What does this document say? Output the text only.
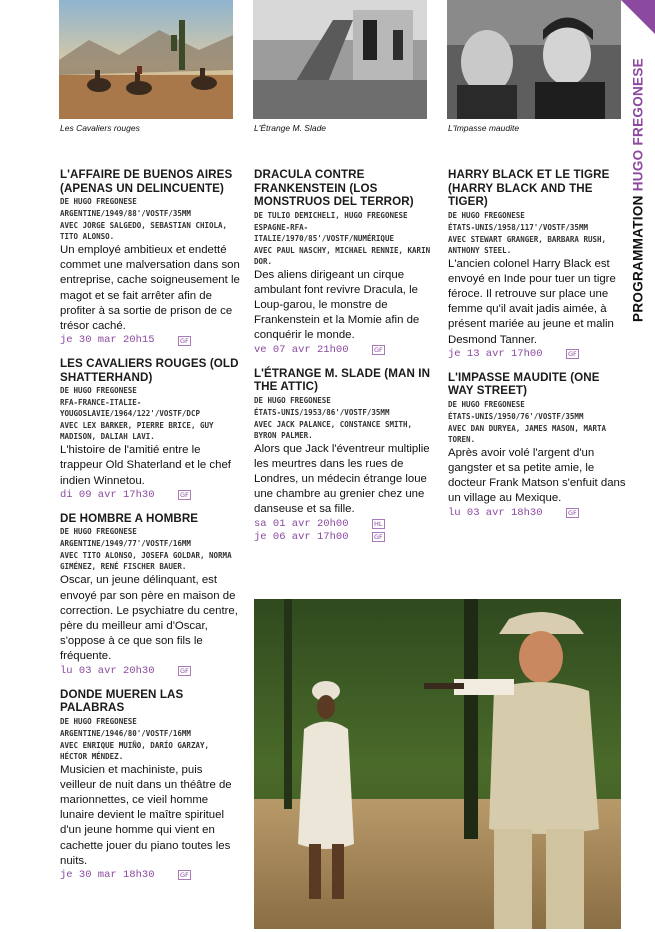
Les Cavaliers rouges	L'Étrange M. Slade	L'Impasse maudite
L'AFFAIRE DE BUENOS AIRES (APENAS UN DELINCUENTE)
DE HUGO FREGONESE
ARGENTINE/1949/88'/VOSTF/35MM
AVEC JORGE SALGEDO, SEBASTIAN CHIOLA, TITO ALONSO.
Un employé ambitieux et endetté commet une malversation dans son entreprise, cache soigneusement le magot et se fait arrêter afin de profiter à sa sortie de prison de ce trésor caché.
je 30 mar 20h15	GF
LES CAVALIERS ROUGES (OLD SHATTERHAND)
DE HUGO FREGONESE
RFA-FRANCE-ITALIE-YOUGOSLAVIE/1964/122'/VOSTF/DCP
AVEC LEX BARKER, PIERRE BRICE, GUY MADISON, DALIAH LAVI.
L'histoire de l'amitié entre le trappeur Old Shaterland et le chef indien Winnetou.
di 09 avr 17h30	GF
DE HOMBRE A HOMBRE
DE HUGO FREGONESE
ARGENTINE/1949/77'/VOSTF/16MM
AVEC TITO ALONSO, JOSEFA GOLDAR, NORMA GIMÉNEZ, RENÉ FISCHER BAUER.
Oscar, un jeune délinquant, est envoyé par son père en maison de correction. Le psychiatre du centre, père du meilleur ami d'Oscar, s'oppose à ce que son fils le fréquente.
lu 03 avr 20h30	GF
DONDE MUEREN LAS PALABRAS
DE HUGO FREGONESE
ARGENTINE/1946/80'/VOSTF/16MM
AVEC ENRIQUE MUIÑO, DARÍO GARZAY, HÉCTOR MÉNDEZ.
Musicien et machiniste, puis veilleur de nuit dans un théâtre de marionnettes, ce vieil homme lunaire devient le maître spirituel d'un jeune homme qui vient en cachette jouer du piano toutes les nuits.
je 30 mar 18h30	GF
DRACULA CONTRE FRANKENSTEIN (LOS MONSTRUOS DEL TERROR)
DE TULIO DEMICHELI, HUGO FREGONESE
ESPAGNE-RFA-ITALIE/1970/85'/VOSTF/NUMÉRIQUE
AVEC PAUL NASCHY, MICHAEL RENNIE, KARIN DOR.
Des aliens dirigeant un cirque ambulant font revivre Dracula, le Loup-garou, le monstre de Frankenstein et la Momie afin de conquérir le monde.
ve 07 avr 21h00	GF
L'ÉTRANGE M. SLADE (MAN IN THE ATTIC)
DE HUGO FREGONESE
ÉTATS-UNIS/1953/86'/VOSTF/35MM
AVEC JACK PALANCE, CONSTANCE SMITH, BYRON PALMER.
Alors que Jack l'éventreur multiplie les meurtres dans les rues de Londres, un médecin étrange loue une chambre au grenier chez une danseuse et sa fille.
sa 01 avr 20h00	HL
je 06 avr 17h00	GF
HARRY BLACK ET LE TIGRE (HARRY BLACK AND THE TIGER)
DE HUGO FREGONESE
ÉTATS-UNIS/1958/117'/VOSTF/35MM
AVEC STEWART GRANGER, BARBARA RUSH, ANTHONY STEEL.
L'ancien colonel Harry Black est envoyé en Inde pour tuer un tigre féroce. Il retrouve sur place une femme qu'il avait jadis aimée, à présent mariée au jeune et malin Desmond Tanner.
je 13 avr 17h00	GF
L'IMPASSE MAUDITE (ONE WAY STREET)
DE HUGO FREGONESE
ÉTATS-UNIS/1950/76'/VOSTF/35MM
AVEC DAN DURYEA, JAMES MASON, MARTA TOREN.
Après avoir volé l'argent d'un gangster et sa petite amie, le docteur Frank Matson s'enfuit dans un village au Mexique.
lu 03 avr 18h30	GF
PROGRAMMATION HUGO FREGONESE
